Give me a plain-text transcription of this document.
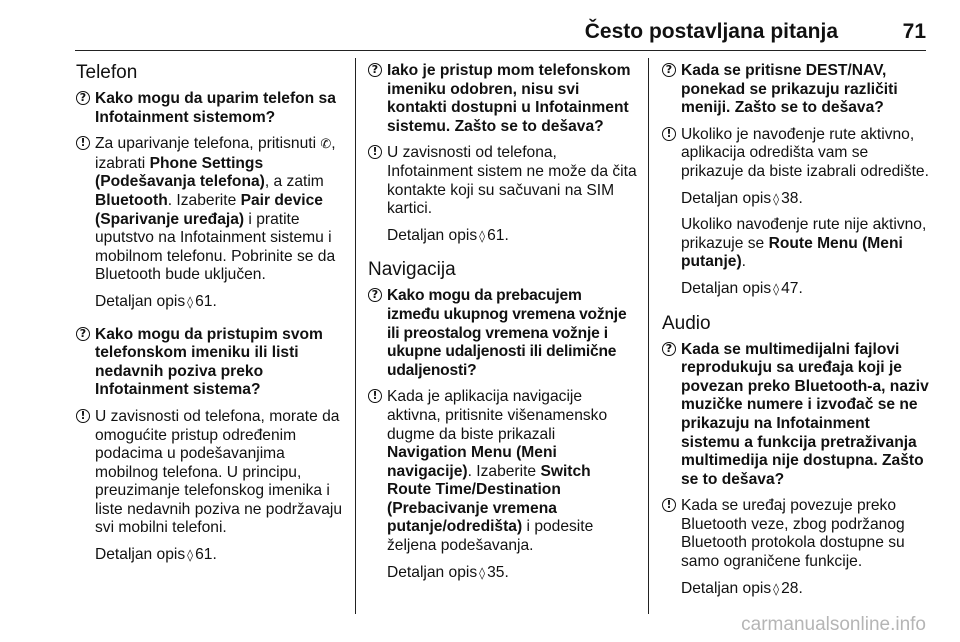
Često postavljana pitanja	71
Telefon
? Kako mogu da uparim telefon sa Infotainment sistemom?
! Za uparivanje telefona, pritisnuti ✆, izabrati Phone Settings (Podešavanja telefona), a zatim Bluetooth. Izaberite Pair device (Sparivanje uređaja) i pratite uputstvo na Infotainment sistemu i mobilnom telefonu. Pobrinite se da Bluetooth bude uključen.
Detaljan opis ◊ 61.
? Kako mogu da pristupim svom telefonskom imeniku ili listi nedavnih poziva preko Infotainment sistema?
! U zavisnosti od telefona, morate da omogućite pristup određenim podacima u podešavanjima mobilnog telefona. U principu, preuzimanje telefonskog imenika i liste nedavnih poziva ne podržavaju svi mobilni telefoni.
Detaljan opis ◊ 61.
? Iako je pristup mom telefonskom imeniku odobren, nisu svi kontakti dostupni u Infotainment sistemu. Zašto se to dešava?
! U zavisnosti od telefona, Infotainment sistem ne može da čita kontakte koji su sačuvani na SIM kartici.
Detaljan opis ◊ 61.
Navigacija
? Kako mogu da prebacujem između ukupnog vremena vožnje ili preostalog vremena vožnje i ukupne udaljenosti ili delimične udaljenosti?
! Kada je aplikacija navigacije aktivna, pritisnite višenamensko dugme da biste prikazali Navigation Menu (Meni navigacije). Izaberite Switch Route Time/Destination (Prebacivanje vremena putanje/odredišta) i podesite željena podešavanja.
Detaljan opis ◊ 35.
? Kada se pritisne DEST/NAV, ponekad se prikazuju različiti meniji. Zašto se to dešava?
! Ukoliko je navođenje rute aktivno, aplikacija odredišta vam se prikazuje da biste izabrali odredište.
Detaljan opis ◊ 38.
Ukoliko navođenje rute nije aktivno, prikazuje se Route Menu (Meni putanje).
Detaljan opis ◊ 47.
Audio
? Kada se multimedijalni fajlovi reprodukuju sa uređaja koji je povezan preko Bluetooth-a, naziv muzičke numere i izvođač se ne prikazuju na Infotainment sistemu a funkcija pretraživanja multimedija nije dostupna. Zašto se to dešava?
! Kada se uređaj povezuje preko Bluetooth veze, zbog podržanog Bluetooth protokola dostupne su samo ograničene funkcije.
Detaljan opis ◊ 28.
carmanualsonline.info
